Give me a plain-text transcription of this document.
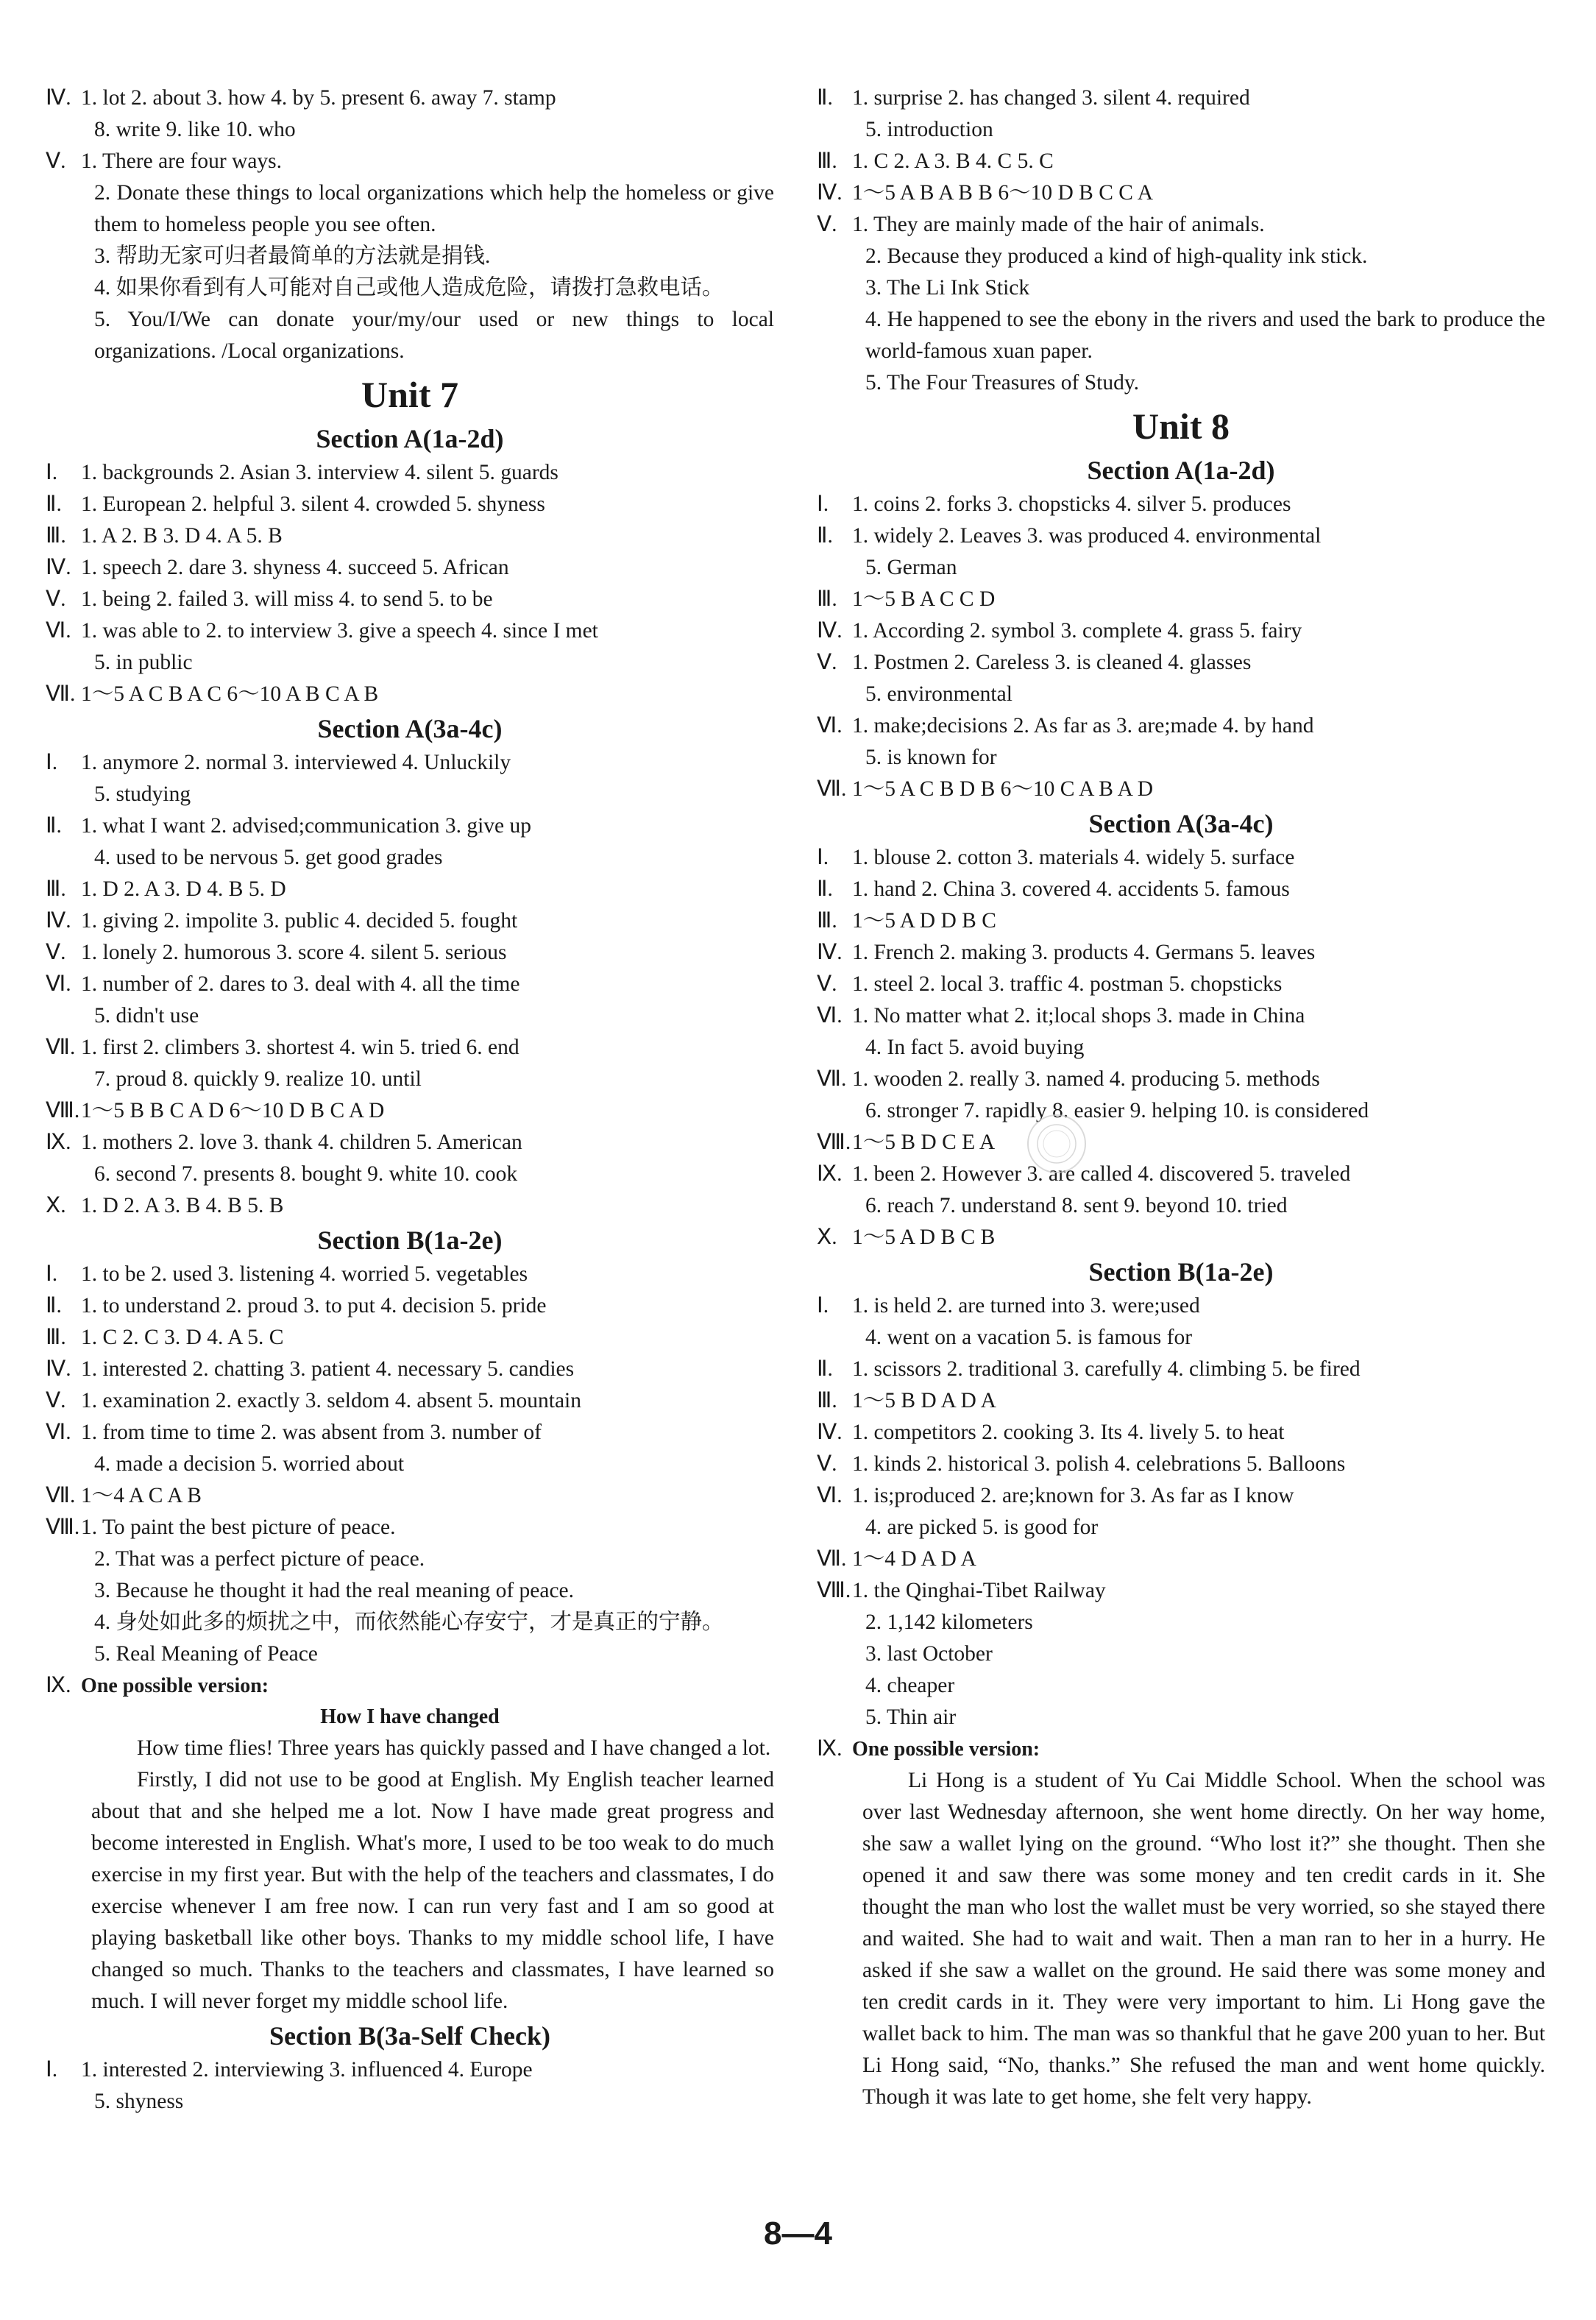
Ⅳ. 1. lot 2. about 3. how 4. by 5. present 6. away 7. stamp
8. write 9. like 10. who
Ⅴ. 1. There are four ways.
2. Donate these things to local organizations which help the homeless or give them to homeless people you see often.
3. 帮助无家可归者最简单的方法就是捐钱.
4. 如果你看到有人可能对自己或他人造成危险，请拨打急救电话。
5. You/I/We can donate your/my/our used or new things to local organizations. /Local organizations.
Unit 7
Section A(1a-2d)
Ⅰ.	1. backgrounds 2. Asian 3. interview 4. silent 5. guards
Ⅱ. 1. European 2. helpful 3. silent 4. crowded 5. shyness
Ⅲ. 1. A 2. B 3. D 4. A 5. B
Ⅳ. 1. speech 2. dare 3. shyness 4. succeed 5. African
Ⅴ. 1. being 2. failed 3. will miss 4. to send 5. to be
Ⅵ. 1. was able to 2. to interview 3. give a speech 4. since I met
5. in public
Ⅶ. 1～5 A C B A C 6～10 A B C A B
Section A(3a-4c)
Ⅰ.	1. anymore 2. normal 3. interviewed 4. Unluckily
5. studying
Ⅱ. 1. what I want 2. advised;communication 3. give up
4. used to be nervous 5. get good grades
Ⅲ. 1. D 2. A 3. D 4. B 5. D
Ⅳ. 1. giving 2. impolite 3. public 4. decided 5. fought
Ⅴ. 1. lonely 2. humorous 3. score 4. silent 5. serious
Ⅵ. 1. number of 2. dares to 3. deal with 4. all the time
5. didn't use
Ⅶ. 1. first 2. climbers 3. shortest 4. win 5. tried 6. end
7. proud 8. quickly 9. realize 10. until
Ⅷ. 1～5 B B C A D 6～10 D B C A D
Ⅸ. 1. mothers 2. love 3. thank 4. children 5. American
6. second 7. presents 8. bought 9. white 10. cook
Ⅹ. 1. D 2. A 3. B 4. B 5. B
Section B(1a-2e)
Ⅰ.	1. to be 2. used 3. listening 4. worried 5. vegetables
Ⅱ. 1. to understand 2. proud 3. to put 4. decision 5. pride
Ⅲ. 1. C 2. C 3. D 4. A 5. C
Ⅳ. 1. interested 2. chatting 3. patient 4. necessary 5. candies
Ⅴ. 1. examination 2. exactly 3. seldom 4. absent 5. mountain
Ⅵ. 1. from time to time 2. was absent from 3. number of
4. made a decision 5. worried about
Ⅶ. 1～4 A C A B
Ⅷ. 1. To paint the best picture of peace.
2. That was a perfect picture of peace.
3. Because he thought it had the real meaning of peace.
4. 身处如此多的烦扰之中，而依然能心存安宁，才是真正的宁静。
5. Real Meaning of Peace
Ⅸ. One possible version:
How I have changed
How time flies! Three years has quickly passed and I have changed a lot.
Firstly, I did not use to be good at English. My English teacher learned about that and she helped me a lot. Now I have made great progress and become interested in English. What's more, I used to be too weak to do much exercise in my first year. But with the help of the teachers and classmates, I do exercise whenever I am free now. I can run very fast and I am so good at playing basketball like other boys. Thanks to my middle school life, I have changed so much. Thanks to the teachers and classmates, I have learned so much. I will never forget my middle school life.
Section B(3a-Self Check)
Ⅰ.	1. interested 2. interviewing 3. influenced 4. Europe
5. shyness
Ⅱ. 1. surprise 2. has changed 3. silent 4. required
5. introduction
Ⅲ. 1. C 2. A 3. B 4. C 5. C
Ⅳ. 1～5 A B A B B 6～10 D B C C A
Ⅴ. 1. They are mainly made of the hair of animals.
2. Because they produced a kind of high-quality ink stick.
3. The Li Ink Stick
4. He happened to see the ebony in the rivers and used the bark to produce the world-famous xuan paper.
5. The Four Treasures of Study.
Unit 8
Section A(1a-2d)
Ⅰ.	1. coins 2. forks 3. chopsticks 4. silver 5. produces
Ⅱ. 1. widely 2. Leaves 3. was produced 4. environmental
5. German
Ⅲ. 1～5 B A C C D
Ⅳ. 1. According 2. symbol 3. complete 4. grass 5. fairy
Ⅴ. 1. Postmen 2. Careless 3. is cleaned 4. glasses
5. environmental
Ⅵ. 1. make;decisions 2. As far as 3. are;made 4. by hand
5. is known for
Ⅶ. 1～5 A C B D B 6～10 C A B A D
Section A(3a-4c)
Ⅰ.	1. blouse 2. cotton 3. materials 4. widely 5. surface
Ⅱ. 1. hand 2. China 3. covered 4. accidents 5. famous
Ⅲ. 1～5 A D D B C
Ⅳ. 1. French 2. making 3. products 4. Germans 5. leaves
Ⅴ. 1. steel 2. local 3. traffic 4. postman 5. chopsticks
Ⅵ. 1. No matter what 2. it;local shops 3. made in China
4. In fact 5. avoid buying
Ⅶ. 1. wooden 2. really 3. named 4. producing 5. methods
6. stronger 7. rapidly 8. easier 9. helping 10. is considered
Ⅷ. 1～5 B D C E A
Ⅸ. 1. been 2. However 3. are called 4. discovered 5. traveled
6. reach 7. understand 8. sent 9. beyond 10. tried
Ⅹ. 1～5 A D B C B
Section B(1a-2e)
Ⅰ.	1. is held 2. are turned into 3. were;used
4. went on a vacation 5. is famous for
Ⅱ. 1. scissors 2. traditional 3. carefully 4. climbing 5. be fired
Ⅲ. 1～5 B D A D A
Ⅳ. 1. competitors 2. cooking 3. Its 4. lively 5. to heat
Ⅴ. 1. kinds 2. historical 3. polish 4. celebrations 5. Balloons
Ⅵ. 1. is;produced 2. are;known for 3. As far as I know
4. are picked 5. is good for
Ⅶ. 1～4 D A D A
Ⅷ. 1. the Qinghai-Tibet Railway
2. 1,142 kilometers
3. last October
4. cheaper
5. Thin air
Ⅸ. One possible version:
Li Hong is a student of Yu Cai Middle School. When the school was over last Wednesday afternoon, she went home directly. On her way home, she saw a wallet lying on the ground. “Who lost it?” she thought. Then she opened it and saw there was some money and ten credit cards in it. She thought the man who lost the wallet must be very worried, so she stayed there and waited. She had to wait and wait. Then a man ran to her in a hurry. He asked if she saw a wallet on the ground. He said there was some money and ten credit cards in it. They were very important to him. Li Hong gave the wallet back to him. The man was so thankful that he gave 200 yuan to her. But Li Hong said, “No, thanks.” She refused the man and went home quickly. Though it was late to get home, she felt very happy.
8—4
